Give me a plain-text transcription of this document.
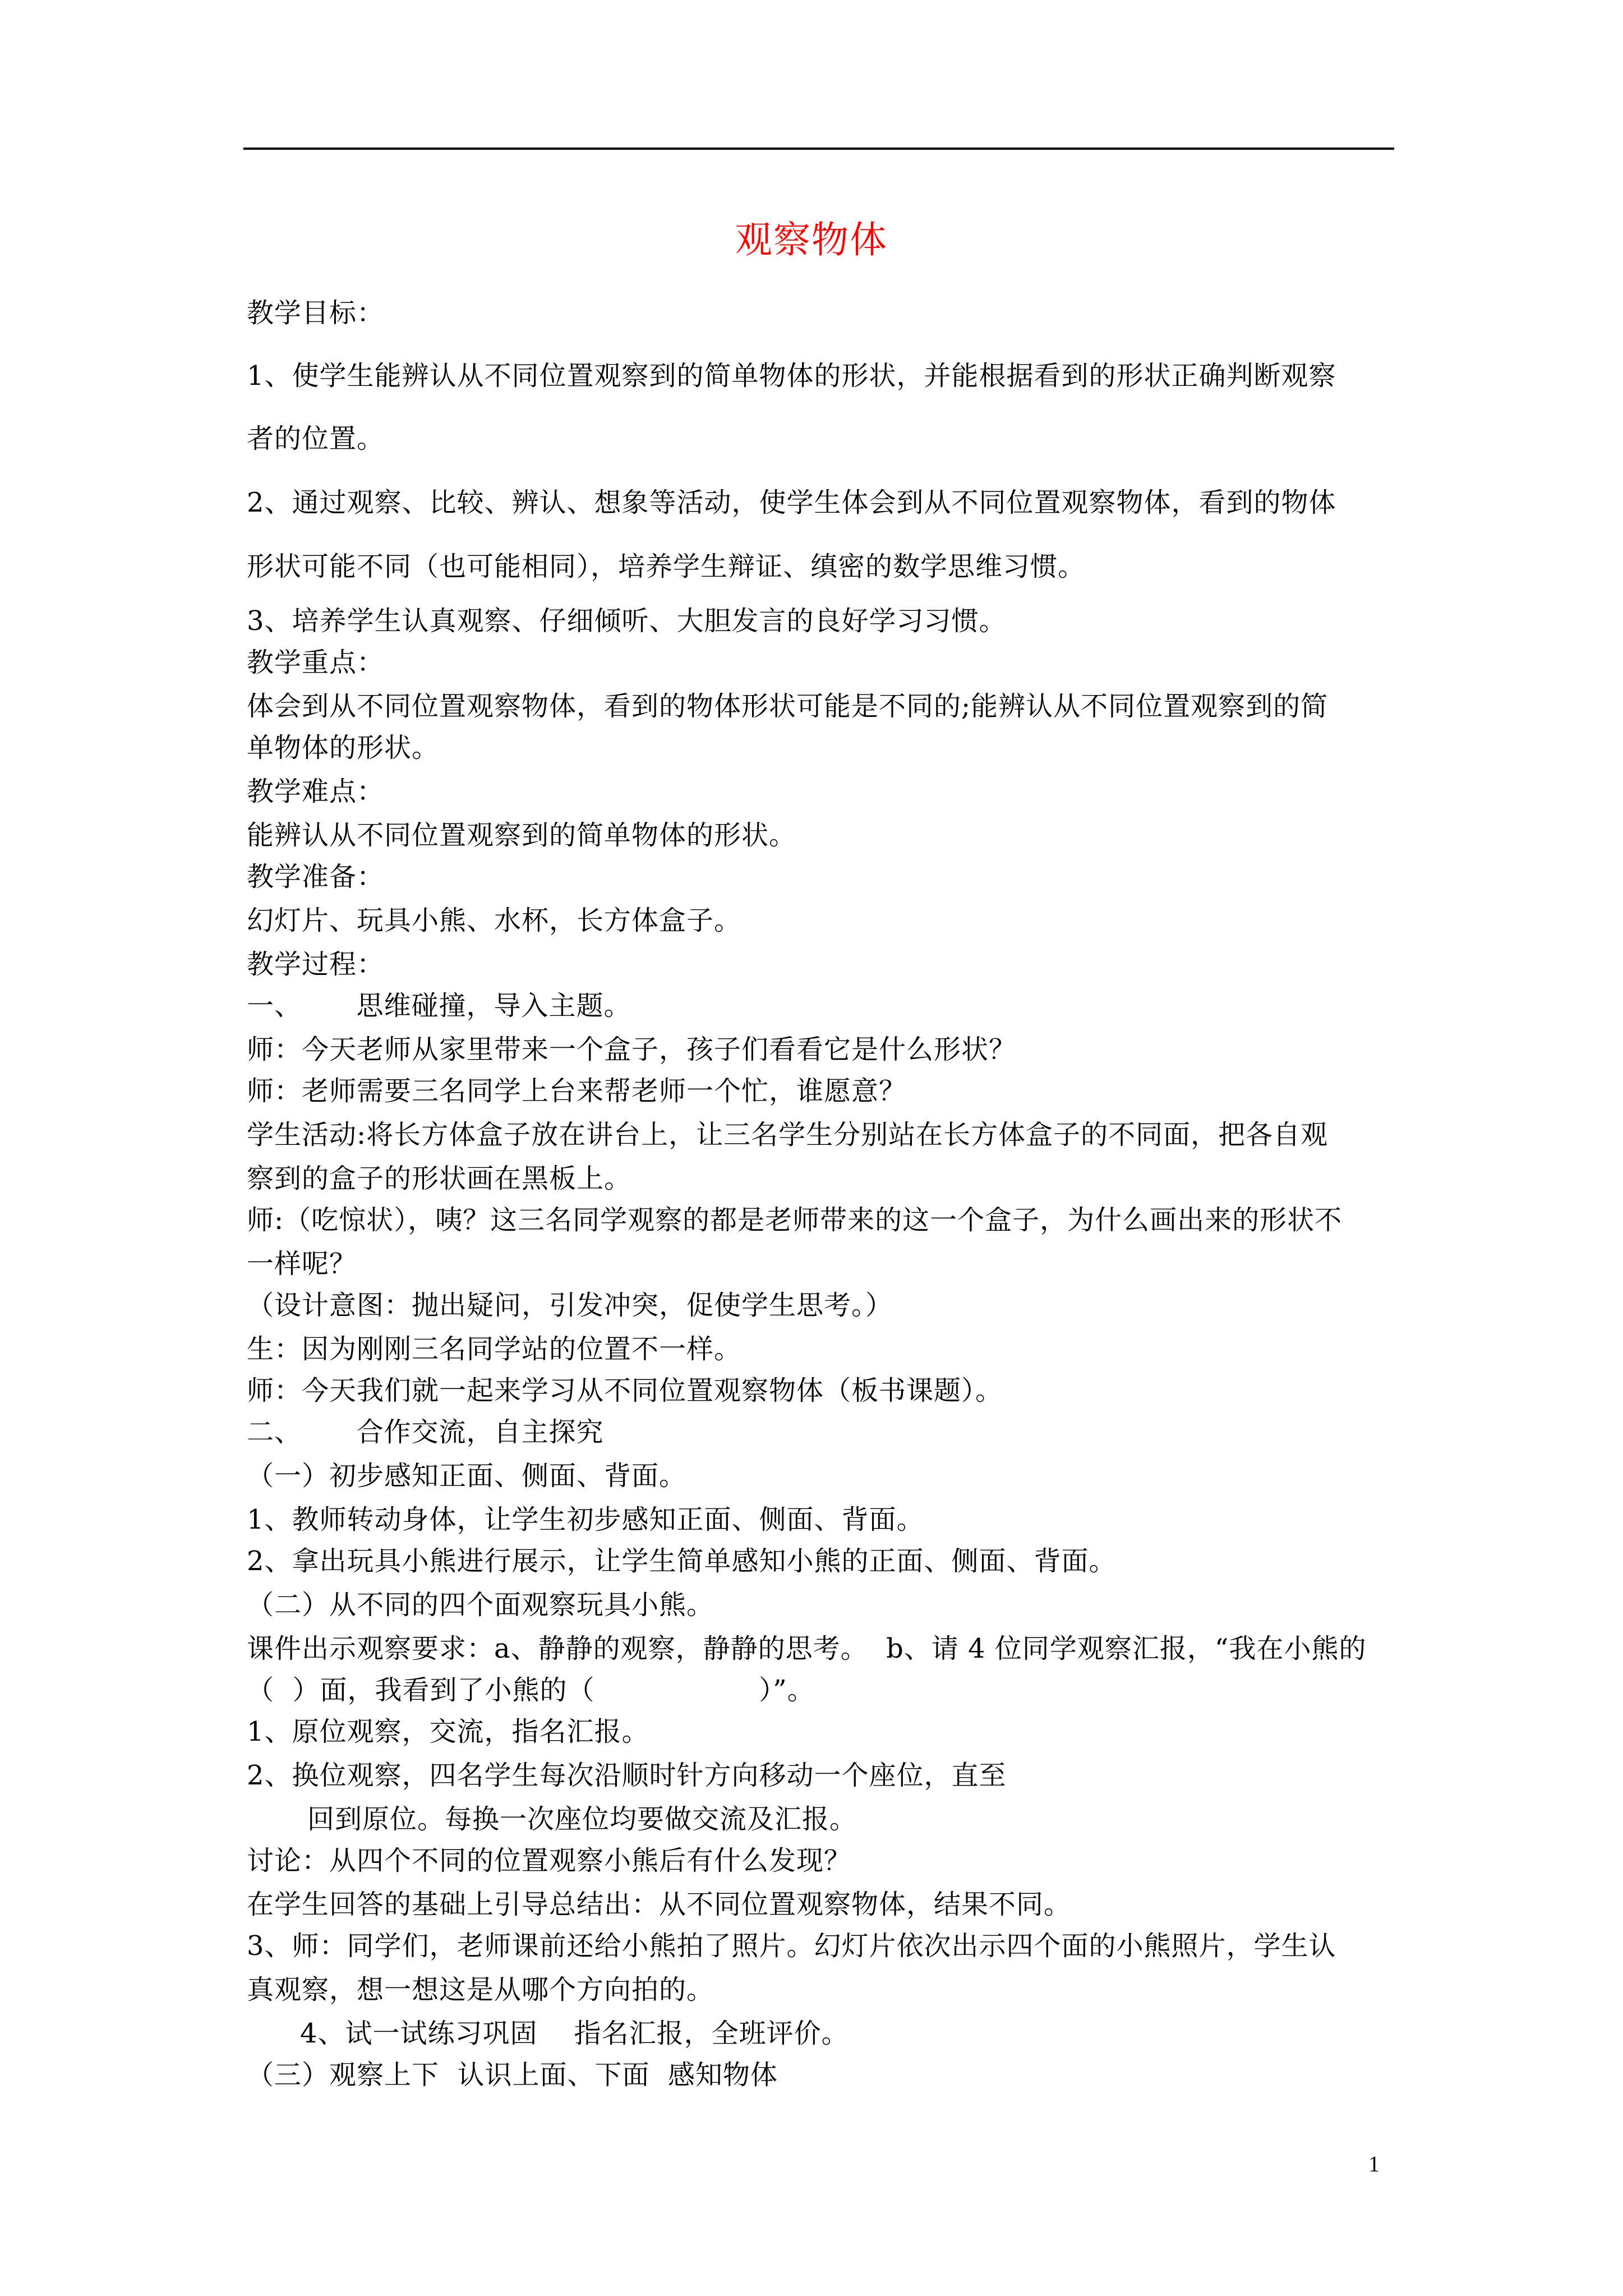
观察物体
教学目标：
1、使学生能辨认从不同位置观察到的简单物体的形状，并能根据看到的形状正确判断观察
者的位置。
2、通过观察、比较、辨认、想象等活动，使学生体会到从不同位置观察物体，看到的物体
形状可能不同（也可能相同），培养学生辩证、缜密的数学思维习惯。
3、培养学生认真观察、仔细倾听、大胆发言的良好学习习惯。
教学重点：
体会到从不同位置观察物体，看到的物体形状可能是不同的;能辨认从不同位置观察到的简
单物体的形状。
教学难点：
能辨认从不同位置观察到的简单物体的形状。
教学准备：
幻灯片、玩具小熊、水杯，长方体盒子。
教学过程：
一、      思维碰撞，导入主题。
师：今天老师从家里带来一个盒子，孩子们看看它是什么形状？
师：老师需要三名同学上台来帮老师一个忙，谁愿意？
学生活动:将长方体盒子放在讲台上，让三名学生分别站在长方体盒子的不同面，把各自观
察到的盒子的形状画在黑板上。
师:（吃惊状），咦？这三名同学观察的都是老师带来的这一个盒子，为什么画出来的形状不
一样呢？
（设计意图：抛出疑问，引发冲突，促使学生思考。）
生：因为刚刚三名同学站的位置不一样。
师：今天我们就一起来学习从不同位置观察物体（板书课题）。
二、      合作交流，自主探究
（一）初步感知正面、侧面、背面。
1、教师转动身体，让学生初步感知正面、侧面、背面。
2、拿出玩具小熊进行展示，让学生简单感知小熊的正面、侧面、背面。
（二）从不同的四个面观察玩具小熊。
课件出示观察要求：a、静静的观察，静静的思考。  b、请 4 位同学观察汇报，“我在小熊的
（  ）面，我看到了小熊的（                  ）”。
1、原位观察，交流，指名汇报。
2、换位观察，四名学生每次沿顺时针方向移动一个座位，直至
回到原位。每换一次座位均要做交流及汇报。
讨论：从四个不同的位置观察小熊后有什么发现？
在学生回答的基础上引导总结出：从不同位置观察物体，结果不同。
3、师：同学们，老师课前还给小熊拍了照片。幻灯片依次出示四个面的小熊照片，学生认
真观察，想一想这是从哪个方向拍的。
4、试一试练习巩固    指名汇报，全班评价。
（三）观察上下  认识上面、下面  感知物体
1
